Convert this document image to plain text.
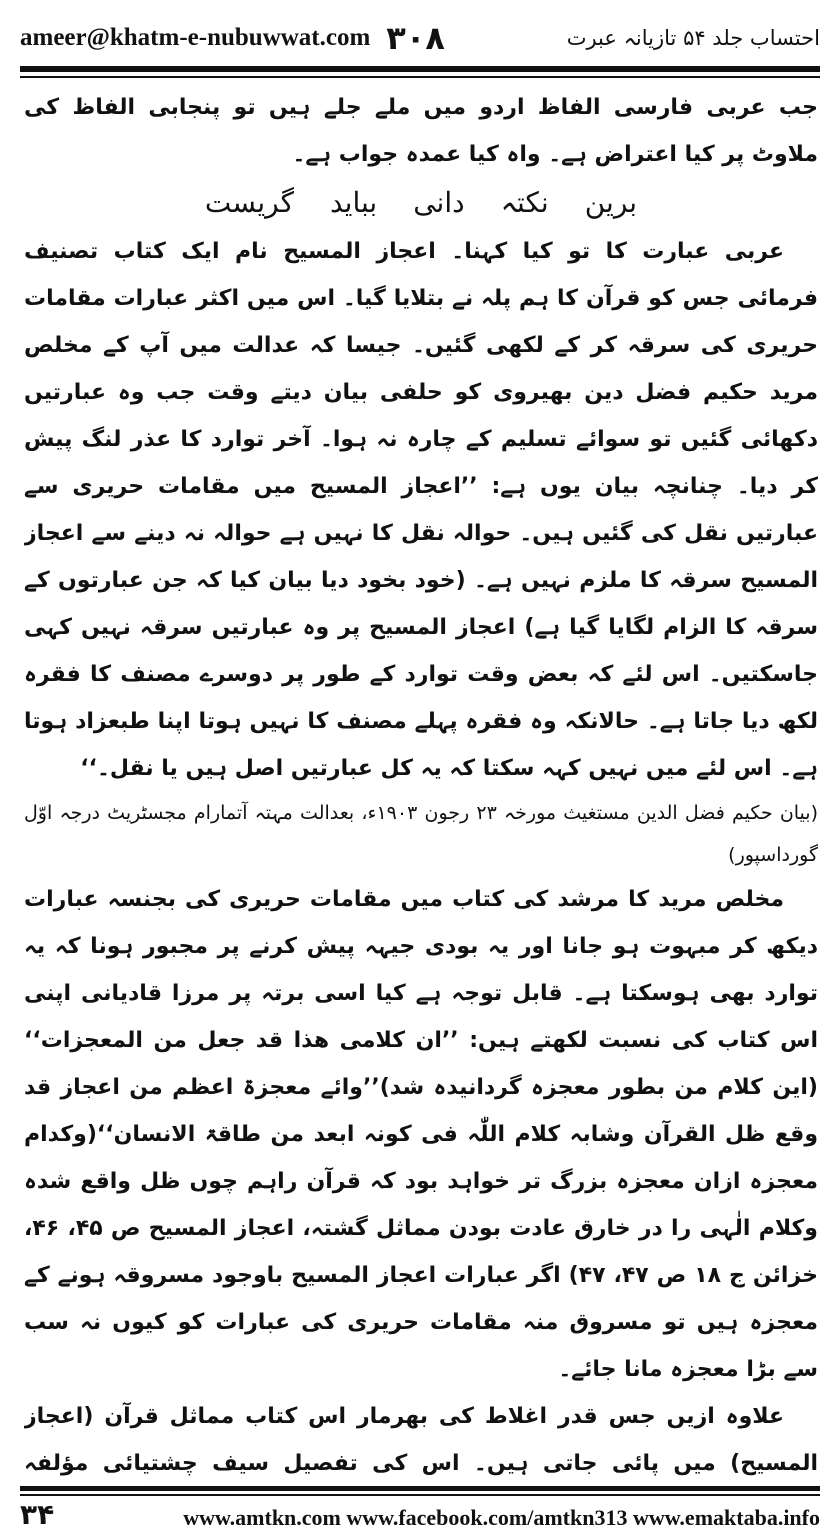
ameer@khatm-e-nubuwwat.com ۳۰۸	احتساب جلد ۵۴ تازیانہ عبرت

جب عربی فارسی الفاظ اردو میں ملے جلے ہیں تو پنجابی الفاظ کی ملاوٹ پر کیا اعتراض ہے۔ واہ کیا عمدہ جواب ہے۔

برین
نکتہ
دانی
بباید
گریست

عربی عبارت کا تو کیا کہنا۔ اعجاز المسیح نام ایک کتاب تصنیف فرمائی جس کو قرآن کا ہم پلہ نے بتلایا گیا۔ اس میں اکثر عبارات مقامات حریری کی سرقہ کر کے لکھی گئیں۔ جیسا کہ عدالت میں آپ کے مخلص مرید حکیم فضل دین بھیروی کو حلفی بیان دیتے وقت جب وہ عبارتیں دکھائی گئیں تو سوائے تسلیم کے چارہ نہ ہوا۔ آخر توارد کا عذر لنگ پیش کر دیا۔ چنانچہ بیان یوں ہے: ’’اعجاز المسیح میں مقامات حریری سے عبارتیں نقل کی گئیں ہیں۔ حوالہ نقل کا نہیں ہے حوالہ نہ دینے سے اعجاز المسیح سرقہ کا ملزم نہیں ہے۔ (خود بخود دیا بیان کیا کہ جن عبارتوں کے سرقہ کا الزام لگایا گیا ہے) اعجاز المسیح پر وہ عبارتیں سرقہ نہیں کہی جاسکتیں۔ اس لئے کہ بعض وقت توارد کے طور پر دوسرے مصنف کا فقرہ لکھ دیا جاتا ہے۔ حالانکہ وہ فقرہ پہلے مصنف کا نہیں ہوتا اپنا طبعزاد ہوتا ہے۔ اس لئے میں نہیں کہہ سکتا کہ یہ کل عبارتیں اصل ہیں یا نقل۔‘‘

(بیان حکیم فضل الدین مستغیث مورخہ ۲۳ رجون ۱۹۰۳ء، بعدالت مہتہ آتمارام مجسٹریٹ درجہ اوّل گورداسپور)

مخلص مرید کا مرشد کی کتاب میں مقامات حریری کی بجنسہ عبارات دیکھ کر مبہوت ہو جانا اور یہ بودی جیہہ پیش کرنے پر مجبور ہونا کہ یہ توارد بھی ہوسکتا ہے۔ قابل توجہ ہے کیا اسی برتہ پر مرزا قادیانی اپنی اس کتاب کی نسبت لکھتے ہیں: ’’ان کلامی ھذا قد جعل من المعجزات‘‘ (این کلام من بطور معجزہ گردانیدہ شد)’’وائے معجزۃ اعظم من اعجاز قد وقع ظل القرآن وشابہ کلام اللّٰہ فی کونہ ابعد من طاقۃ الانسان‘‘(وکدام معجزہ ازان معجزہ بزرگ تر خواہد بود کہ قرآن راہم چوں ظل واقع شدہ وکلام الٰہی را در خارق عادت بودن مماثل گشتہ، اعجاز المسیح ص ۴۵، ۴۶، خزائن ج ۱۸ ص ۴۷، ۴۷) اگر عبارات اعجاز المسیح باوجود مسروقہ ہونے کے معجزہ ہیں تو مسروق منہ مقامات حریری کی عبارات کو کیوں نہ سب سے بڑا معجزہ مانا جائے۔

علاوہ ازیں جس قدر اغلاط کی بھرمار اس کتاب مماثل قرآن (اعجاز المسیح) میں پائی جاتی ہیں۔ اس کی تفصیل سیف چشتیائی مؤلفہ

۳۴	www.amtkn.com www.facebook.com/amtkn313 www.emaktaba.info
